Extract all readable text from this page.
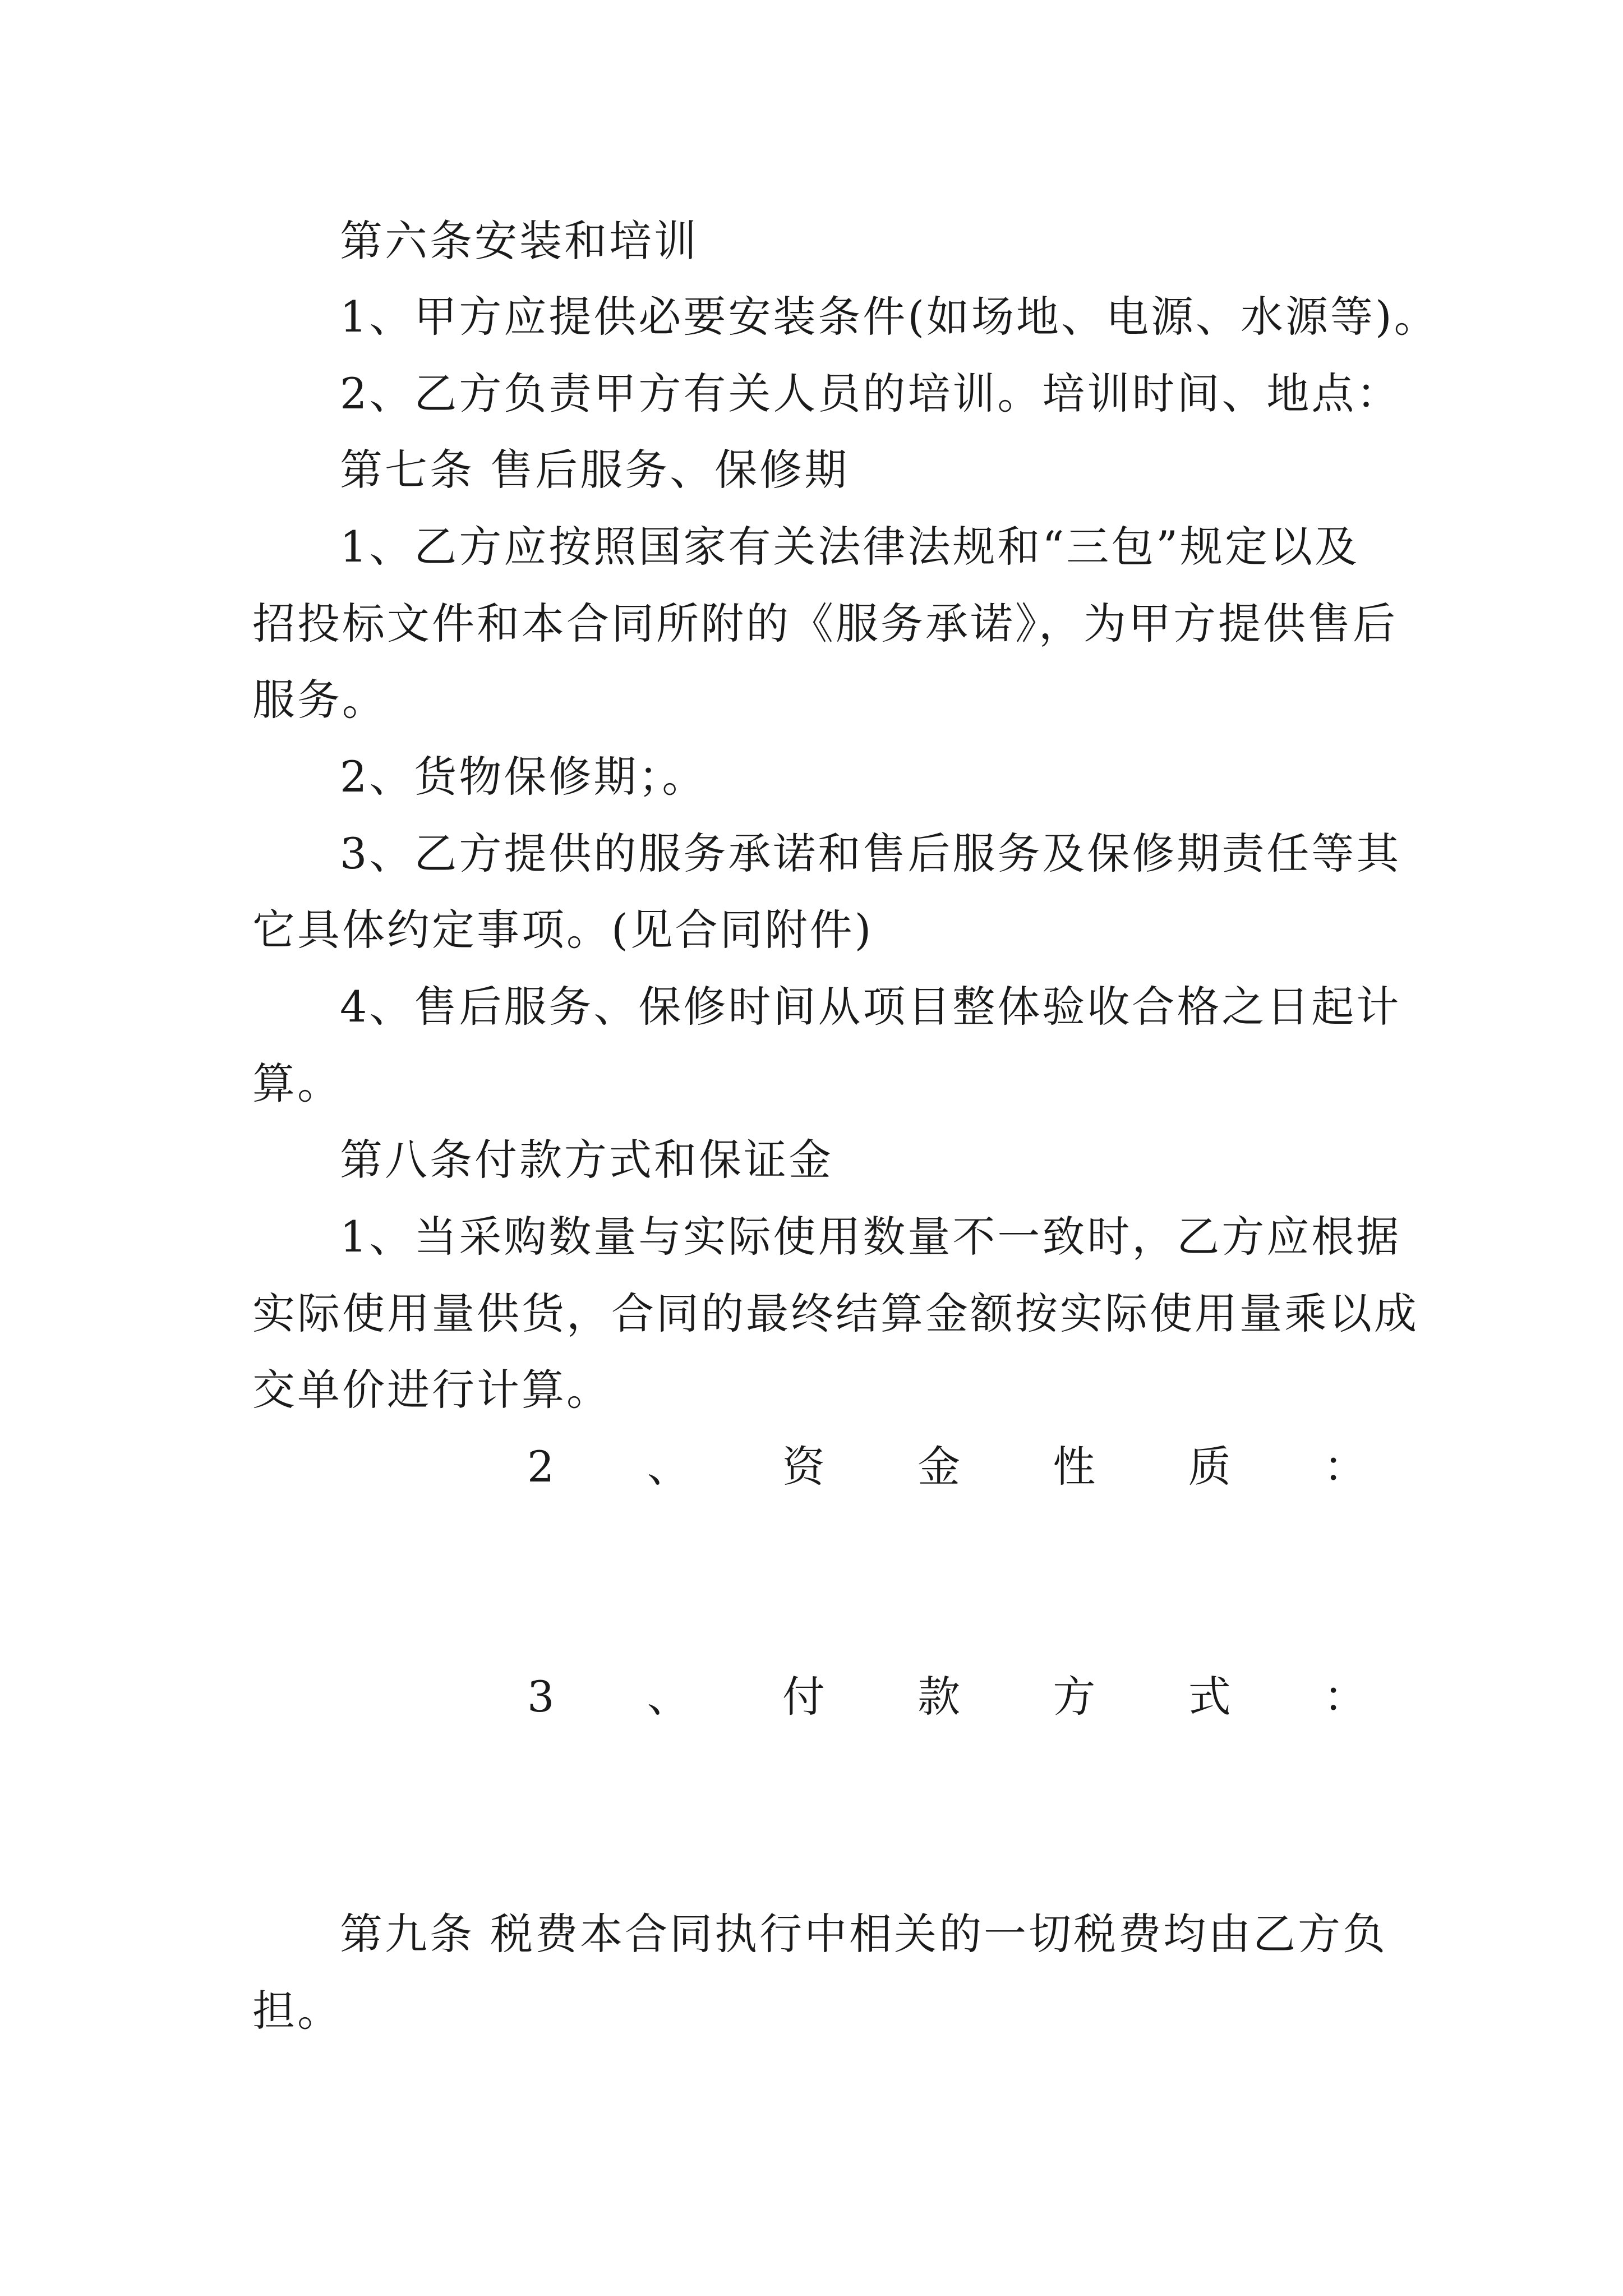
第六条安装和培训
1、甲方应提供必要安装条件(如场地、电源、水源等)。
2、乙方负责甲方有关人员的培训。培训时间、地点：
第七条 售后服务、保修期
1、乙方应按照国家有关法律法规和“三包”规定以及
招投标文件和本合同所附的《服务承诺》，为甲方提供售后
服务。
2、货物保修期；。
3、乙方提供的服务承诺和售后服务及保修期责任等其
它具体约定事项。(见合同附件)
4、售后服务、保修时间从项目整体验收合格之日起计
算。
第八条付款方式和保证金
1、当采购数量与实际使用数量不一致时，乙方应根据
实际使用量供货，合同的最终结算金额按实际使用量乘以成
交单价进行计算。
2 、 资 金 性 质 ：
3 、 付 款 方 式 ：
第九条 税费本合同执行中相关的一切税费均由乙方负
担。
